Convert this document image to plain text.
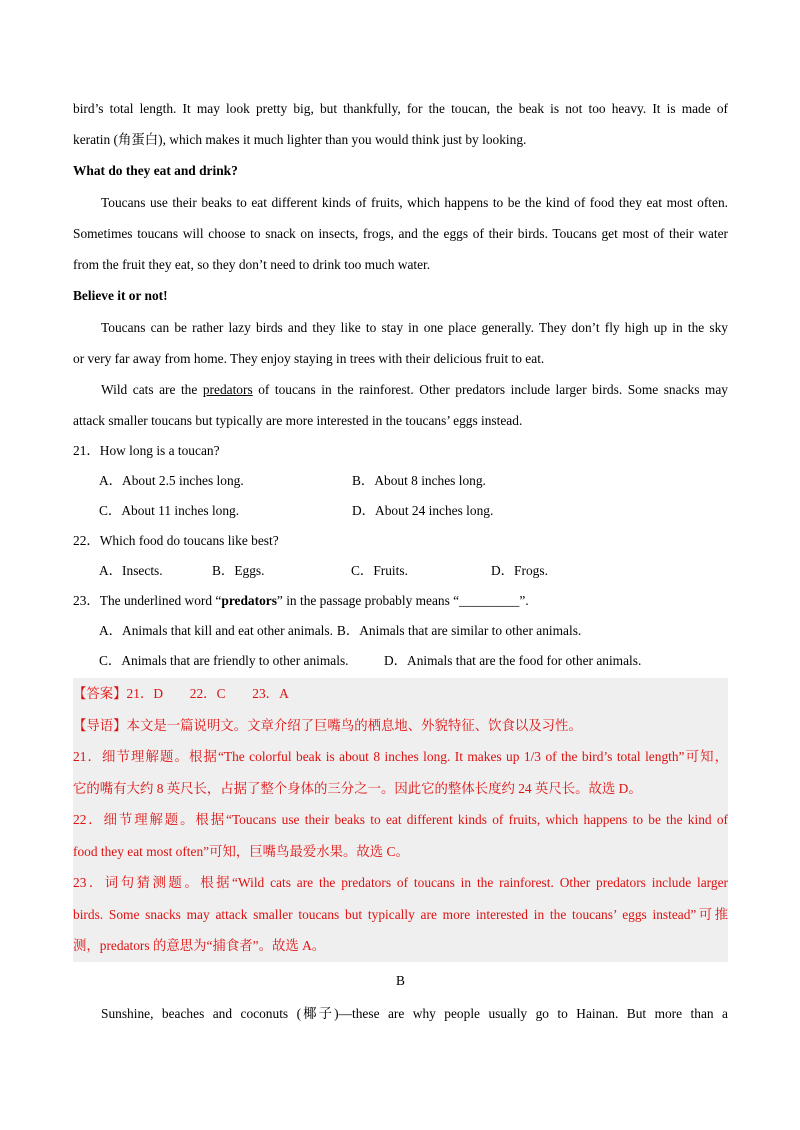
bird’s total length. It may look pretty big, but thankfully, for the toucan, the beak is not too heavy. It is made of

keratin (角蛋白), which makes it much lighter than you would think just by looking.

What do they eat and drink?

Toucans use their beaks to eat different kinds of fruits, which happens to be the kind of food they eat most often.

Sometimes toucans will choose to snack on insects, frogs, and the eggs of their birds. Toucans get most of their water

from the fruit they eat, so they don’t need to drink too much water.

Believe it or not!

Toucans can be rather lazy birds and they like to stay in one place generally. They don’t fly high up in the sky

or very far away from home. They enjoy staying in trees with their delicious fruit to eat.

Wild cats are the predators of toucans in the rainforest. Other predators include larger birds. Some snacks may

attack smaller toucans but typically are more interested in the toucans’ eggs instead.

21．How long is a toucan?

A．About 2.5 inches long.	B．About 8 inches long.
C．About 11 inches long.	D．About 24 inches long.

22．Which food do toucans like best?

A．Insects.	B．Eggs.	C．Fruits.	D．Frogs.

23．The underlined word “predators” in the passage probably means “_________”.

A．Animals that kill and eat other animals. B．Animals that are similar to other animals.
C．Animals that are friendly to other animals.	D．Animals that are the food for other animals.

【答案】21．D　　22．C　　23．A

【导语】本文是一篇说明文。文章介绍了巨嘴鸟的栖息地、外貌特征、饮食以及习性。

21．细节理解题。根据“The colorful beak is about 8 inches long. It makes up 1/3 of the bird’s total length”可知，

它的嘴有大约 8 英尺长，占据了整个身体的三分之一。因此它的整体长度约 24 英尺长。故选 D。

22．细节理解题。根据“Toucans use their beaks to eat different kinds of fruits, which happens to be the kind of

food they eat most often”可知，巨嘴鸟最爱水果。故选 C。

23．词句猜测题。根据“Wild cats are the predators of toucans in the rainforest. Other predators include larger

birds. Some snacks may attack smaller toucans but typically are more interested in the toucans’ eggs instead”可推

测，predators 的意思为“捕食者”。故选 A。

B

Sunshine, beaches and coconuts (椰子)—these are why people usually go to Hainan. But more than a
